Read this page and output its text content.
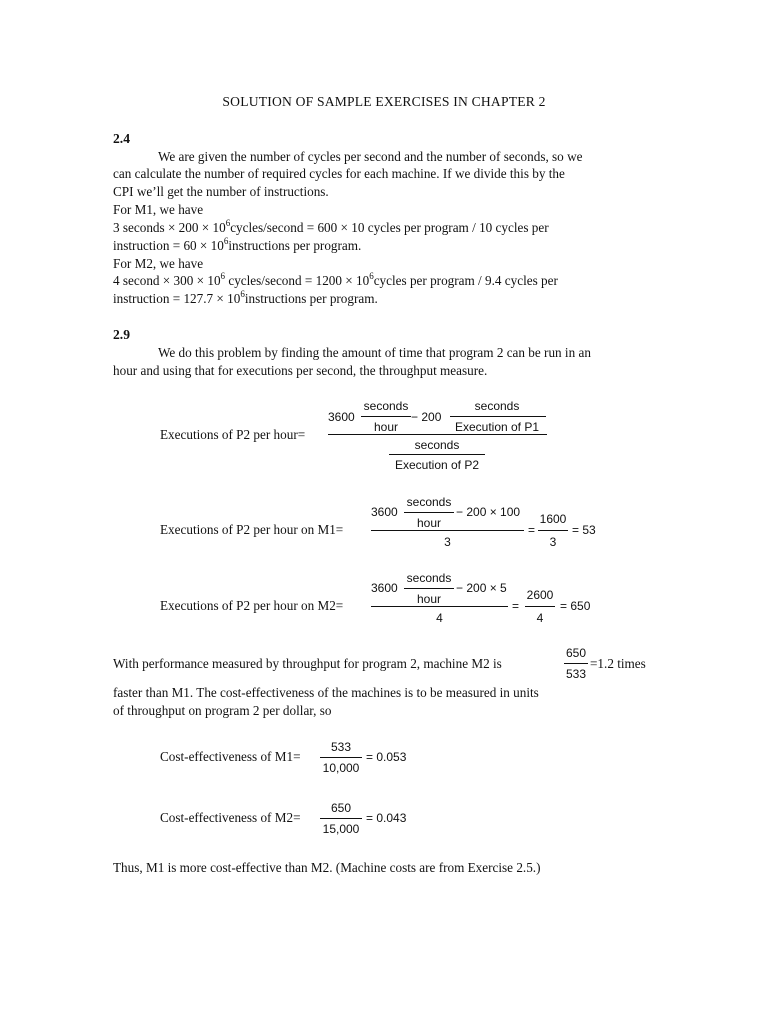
SOLUTION OF SAMPLE EXERCISES IN CHAPTER 2
2.4
We are given the number of cycles per second and the number of seconds, so we
can calculate the number of required cycles for each machine. If we divide this by the
CPI we’ll get the number of instructions.
For M1, we have
3 seconds × $200 \times 10^6cycles$/second = 600 × 10 cycles per program / 10 cycles per
instruction = $60 \times 10^6instructions$ per program.
For M2, we have
4 second × $300 \times 10^6$ cycles/second = $1200 \times 10^6cycles$ per program / 9.4 cycles per
instruction = $127.7 \times 10^6instructions$ per program.
2.9
We do this problem by finding the amount of time that program 2 can be run in an
hour and using that for executions per second, the throughput measure.
Executions of P2 per hour=
3600
seconds
hour
− 200
seconds
Execution of P1
seconds
Execution of P2
Executions of P2 per hour on M1=
3600
seconds
hour
− 200 × 100
3
=
1600
3
= 53
Executions of P2 per hour on M2=
3600
seconds
hour
− 200 × 5
4
=
2600
4
= 650
With performance measured by throughput for program 2, machine M2 is
650
533
=1.2 times
faster than M1. The cost-effectiveness of the machines is to be measured in units
of throughput on program 2 per dollar, so
Cost-effectiveness of M1=
533
10,000
= 0.053
Cost-effectiveness of M2=
650
15,000
= 0.043
Thus, M1 is more cost-effective than M2. (Machine costs are from Exercise 2.5.)
